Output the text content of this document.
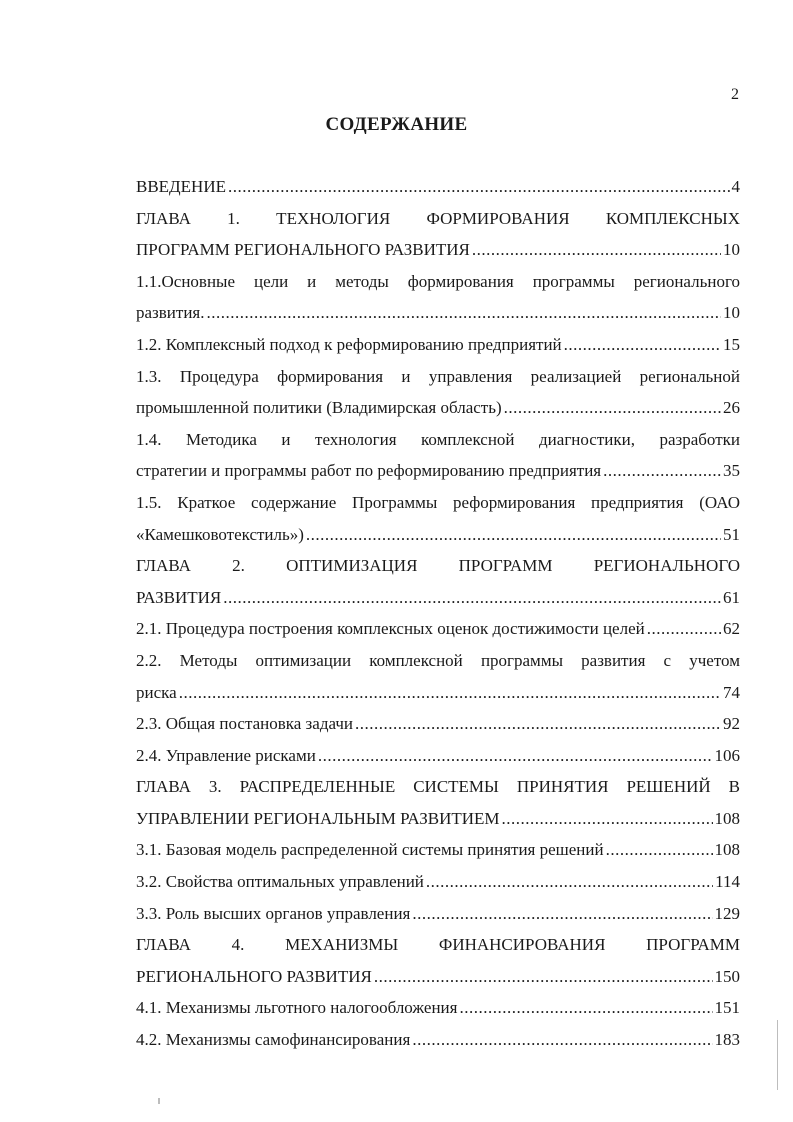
2
СОДЕРЖАНИЕ
ВВЕДЕНИЕ .....	4
ГЛАВА 1. ТЕХНОЛОГИЯ ФОРМИРОВАНИЯ КОМПЛЕКСНЫХ
ПРОГРАММ РЕГИОНАЛЬНОГО РАЗВИТИЯ .....	10
1.1.Основные цели и методы формирования программы регионального
развития. .....	10
1.2. Комплексный подход к реформированию предприятий .....	15
1.3. Процедура формирования и управления реализацией региональной
промышленной политики (Владимирская область) .....	26
1.4. Методика и технология комплексной диагностики, разработки
стратегии и программы работ по реформированию предприятия .....	35
1.5. Краткое содержание Программы реформирования предприятия (ОАО
«Камешковотекстиль») .....	51
ГЛАВА 2. ОПТИМИЗАЦИЯ ПРОГРАММ РЕГИОНАЛЬНОГО
РАЗВИТИЯ .....	61
2.1. Процедура построения комплексных оценок достижимости целей .....	62
2.2. Методы оптимизации комплексной программы развития с учетом
риска .....	74
2.3. Общая постановка задачи .....	92
2.4. Управление рисками .....	106
ГЛАВА 3. РАСПРЕДЕЛЕННЫЕ СИСТЕМЫ ПРИНЯТИЯ РЕШЕНИЙ В
УПРАВЛЕНИИ РЕГИОНАЛЬНЫМ РАЗВИТИЕМ .....	108
3.1. Базовая модель распределенной системы принятия решений .....	108
3.2. Свойства оптимальных управлений .....	114
3.3. Роль высших органов управления .....	129
ГЛАВА 4. МЕХАНИЗМЫ ФИНАНСИРОВАНИЯ ПРОГРАММ
РЕГИОНАЛЬНОГО РАЗВИТИЯ .....	150
4.1. Механизмы льготного налогообложения .....	151
4.2. Механизмы самофинансирования .....	183
